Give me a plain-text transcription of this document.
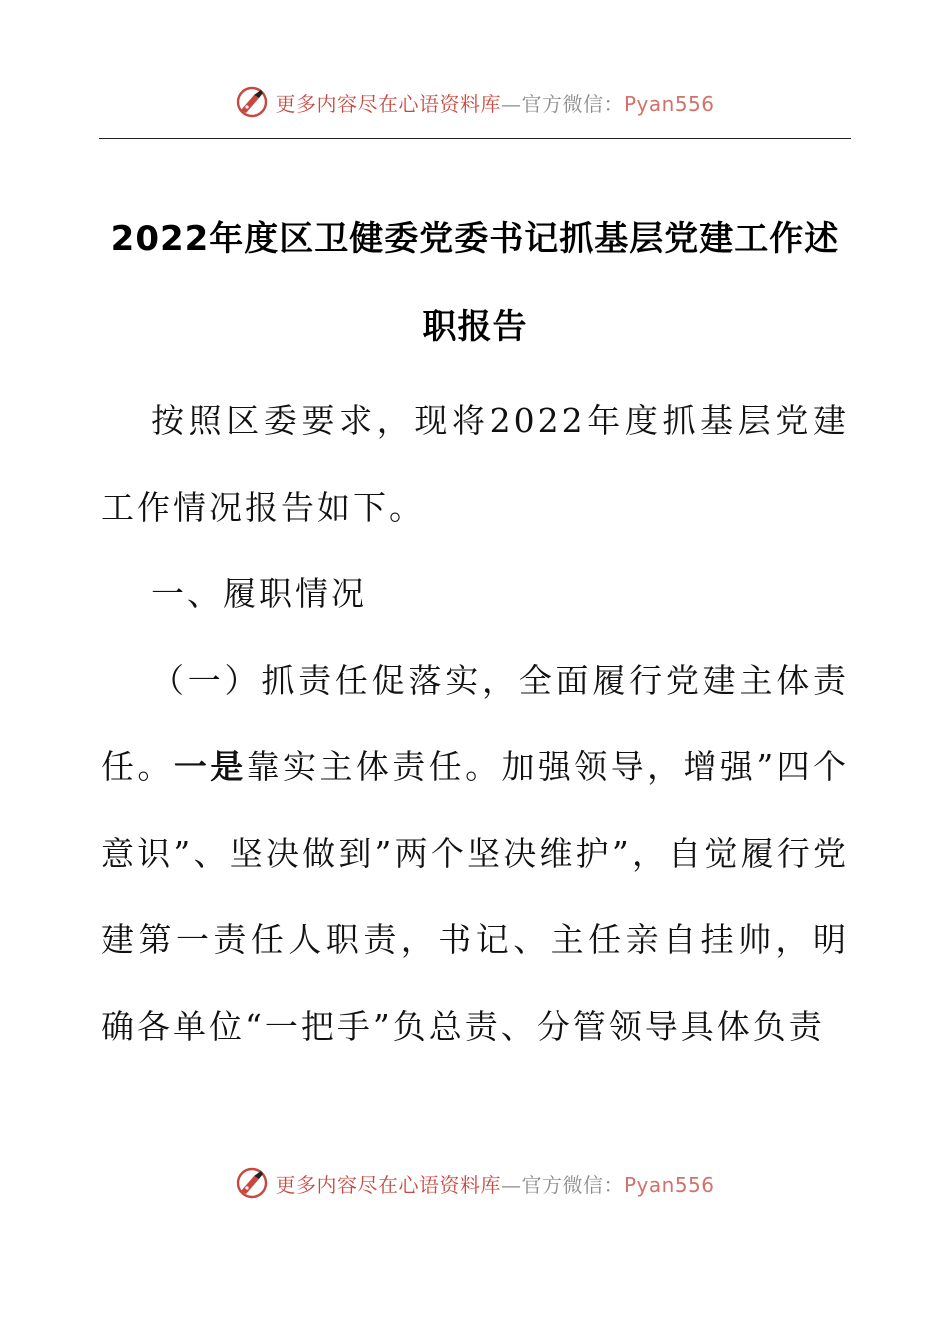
更多内容尽在心语资料库—官方微信：Pyan556
2022年度区卫健委党委书记抓基层党建工作述职报告

按照区委要求，现将2022年度抓基层党建工作情况报告如下。

一、履职情况

（一）抓责任促落实，全面履行党建主体责任。一是靠实主体责任。加强领导，增强”四个意识”、坚决做到”两个坚决维护”，自觉履行党建第一责任人职责，书记、主任亲自挂帅，明确各单位“一把手”负总责、分管领导具体负责

更多内容尽在心语资料库—官方微信：Pyan556
